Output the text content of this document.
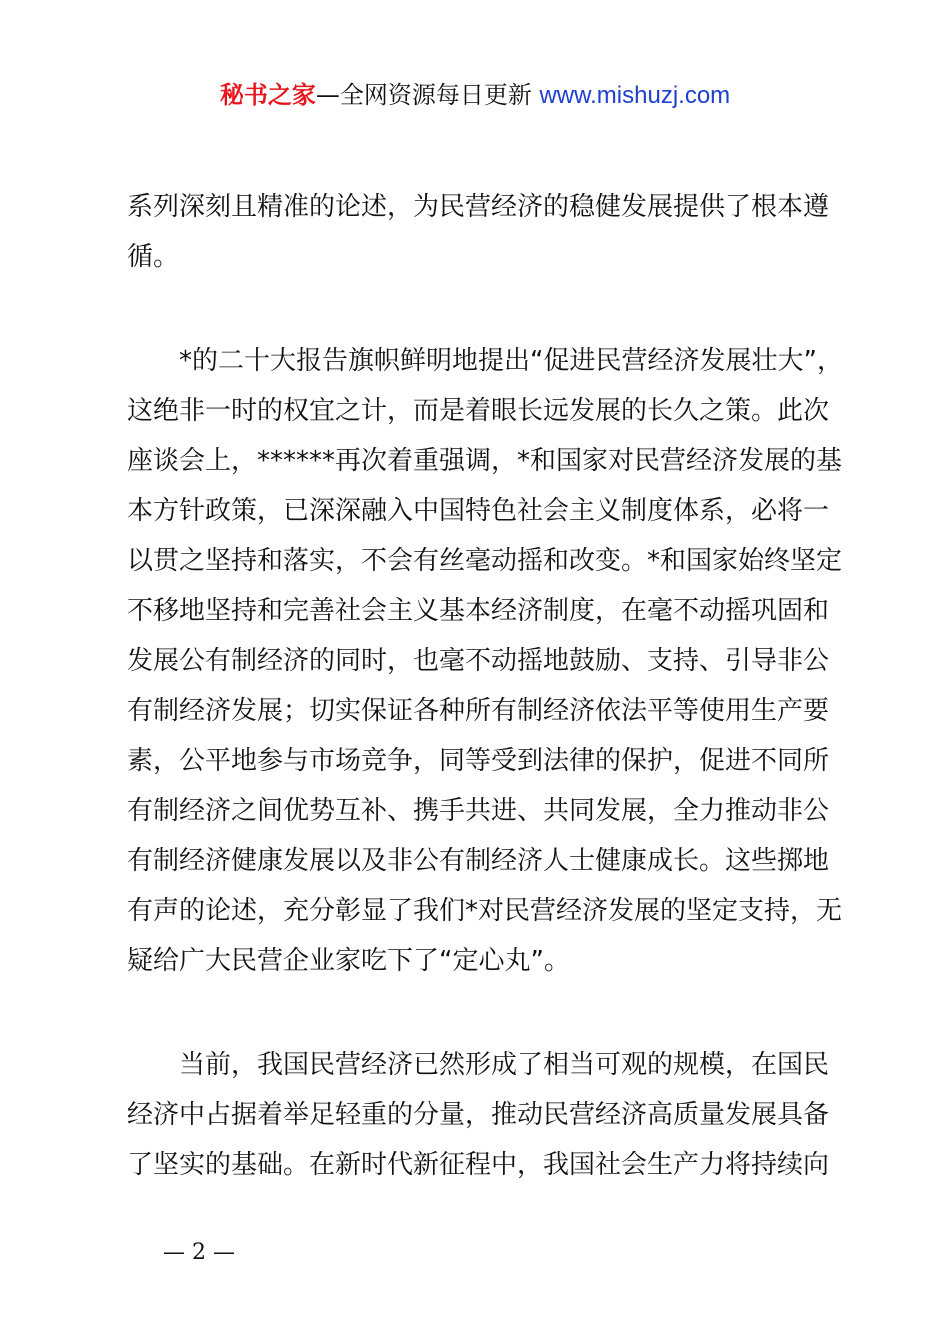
秘书之家—全网资源每日更新 www.mishuzj.com
系列深刻且精准的论述，为民营经济的稳健发展提供了根本遵
循。
*的二十大报告旗帜鲜明地提出“促进民营经济发展壮大”，
这绝非一时的权宜之计，而是着眼长远发展的长久之策。此次
座谈会上，******再次着重强调，*和国家对民营经济发展的基
本方针政策，已深深融入中国特色社会主义制度体系，必将一
以贯之坚持和落实，不会有丝毫动摇和改变。*和国家始终坚定
不移地坚持和完善社会主义基本经济制度，在毫不动摇巩固和
发展公有制经济的同时，也毫不动摇地鼓励、支持、引导非公
有制经济发展；切实保证各种所有制经济依法平等使用生产要
素，公平地参与市场竞争，同等受到法律的保护，促进不同所
有制经济之间优势互补、携手共进、共同发展，全力推动非公
有制经济健康发展以及非公有制经济人士健康成长。这些掷地
有声的论述，充分彰显了我们*对民营经济发展的坚定支持，无
疑给广大民营企业家吃下了“定心丸”。
当前，我国民营经济已然形成了相当可观的规模，在国民
经济中占据着举足轻重的分量，推动民营经济高质量发展具备
了坚实的基础。在新时代新征程中，我国社会生产力将持续向
— 2 —
